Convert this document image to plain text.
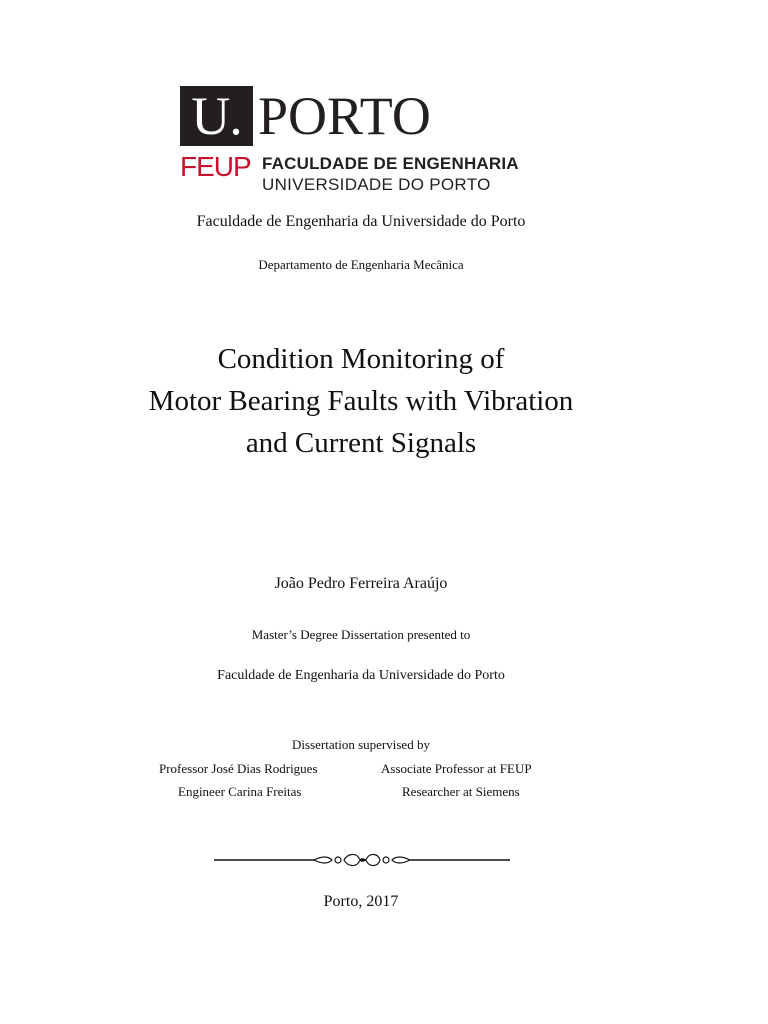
U. PORTO
FEUP FACULDADE DE ENGENHARIA
UNIVERSIDADE DO PORTO
Faculdade de Engenharia da Universidade do Porto
Departamento de Engenharia Mecânica
Condition Monitoring of
Motor Bearing Faults with Vibration
and Current Signals
João Pedro Ferreira Araújo
Master’s Degree Dissertation presented to
Faculdade de Engenharia da Universidade do Porto
Dissertation supervised by
Professor José Dias Rodrigues	Associate Professor at FEUP
Engineer Carina Freitas	Researcher at Siemens
Porto, 2017
